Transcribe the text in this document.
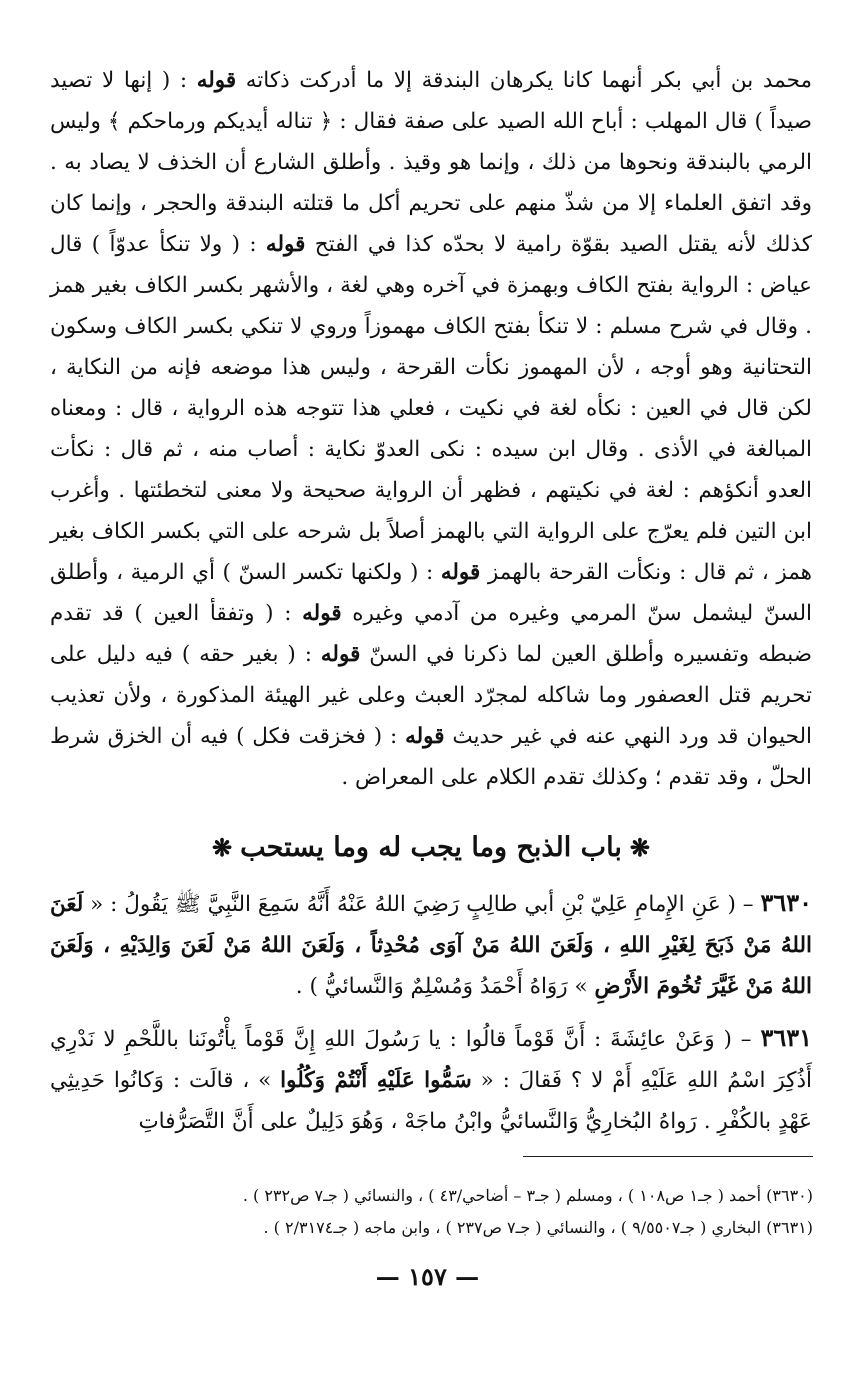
محمد بن أبي بكر أنهما كانا يكرهان البندقة إلا ما أدركت ذكاته قوله : ( إنها لا تصيد صيداً ) قال المهلب : أباح الله الصيد على صفة فقال : ﴿ تناله أيديكم ورماحكم ﴾ وليس الرمي بالبندقة ونحوها من ذلك ، وإنما هو وقيذ . وأطلق الشارع أن الخذف لا يصاد به . وقد اتفق العلماء إلا من شذّ منهم على تحريم أكل ما قتلته البندقة والحجر ، وإنما كان كذلك لأنه يقتل الصيد بقوّة رامية لا بحدّه كذا في الفتح قوله : ( ولا تنكأ عدوّاً ) قال عياض : الرواية بفتح الكاف وبهمزة في آخره وهي لغة ، والأشهر بكسر الكاف بغير همز . وقال في شرح مسلم : لا تنكأ بفتح الكاف مهموزاً وروي لا تنكي بكسر الكاف وسكون التحتانية وهو أوجه ، لأن المهموز نكأت القرحة ، وليس هذا موضعه فإنه من النكاية ، لكن قال في العين : نكأه لغة في نكيت ، فعلي هذا تتوجه هذه الرواية ، قال : ومعناه المبالغة في الأذى . وقال ابن سيده : نكى العدوّ نكاية : أصاب منه ، ثم قال : نكأت العدو أنكؤهم : لغة في نكيتهم ، فظهر أن الرواية صحيحة ولا معنى لتخطئتها . وأغرب ابن التين فلم يعرّج على الرواية التي بالهمز أصلاً بل شرحه على التي بكسر الكاف بغير همز ، ثم قال : ونكأت القرحة بالهمز قوله : ( ولكنها تكسر السنّ ) أي الرمية ، وأطلق السنّ ليشمل سنّ المرمي وغيره من آدمي وغيره قوله : ( وتفقأ العين ) قد تقدم ضبطه وتفسيره وأطلق العين لما ذكرنا في السنّ قوله : ( بغير حقه ) فيه دليل على تحريم قتل العصفور وما شاكله لمجرّد العبث وعلى غير الهيئة المذكورة ، ولأن تعذيب الحيوان قد ورد النهي عنه في غير حديث قوله : ( فخزقت فكل ) فيه أن الخزق شرط الحلّ ، وقد تقدم ؛ وكذلك تقدم الكلام على المعراض .

❋باب الذبح وما يجب له وما يستحب❋

٣٦٣٠ – ( عَنِ الإِمامِ عَلِيّ بْنِ أبي طالِبٍ رَضِيَ اللهُ عَنْهُ أَنَّهُ سَمِعَ النَّبِيَّ ﷺ يَقُولُ : « لَعَنَ اللهُ مَنْ ذَبَحَ لِغَيْرِ اللهِ ، وَلَعَنَ اللهُ مَنْ آوَى مُحْدِثاً ، وَلَعَنَ اللهُ مَنْ لَعَنَ وَالِدَيْهِ ، وَلَعَنَ اللهُ مَنْ غَيَّرَ تُخُومَ الأَرْضِ » رَوَاهُ أَحْمَدُ وَمُسْلِمٌ وَالنَّسائيُّ ) .

٣٦٣١ – ( وَعَنْ عائِشَةَ : أَنَّ قَوْماً قالُوا : يا رَسُولَ اللهِ إِنَّ قَوْماً يأْتُونَنا باللَّحْمِ لا نَدْرِي أَذُكِرَ اسْمُ اللهِ عَلَيْهِ أَمْ لا ؟ فَقالَ : « سَمُّوا عَلَيْهِ أَنْتُمْ وَكُلُوا » ، قالَت : وَكانُوا حَدِيثِي عَهْدٍ بالكُفْرِ . رَواهُ البُخارِيُّ وَالنَّسائيُّ وابْنُ ماجَهْ ، وَهُوَ دَلِيلٌ على أَنَّ التَّصَرُّفاتِ

(٣٦٣٠) أحمد ( جـ١ ص١٠٨ ) ، ومسلم ( جـ٣ – أضاحي/٤٣ ) ، والنسائي ( جـ٧ ص٢٣٢ ) .

(٣٦٣١) البخاري ( جـ٩/٥٥٠٧ ) ، والنسائي ( جـ٧ ص٢٣٧ ) ، وابن ماجه ( جـ٢/٣١٧٤ ) .

— ١٥٧ —
